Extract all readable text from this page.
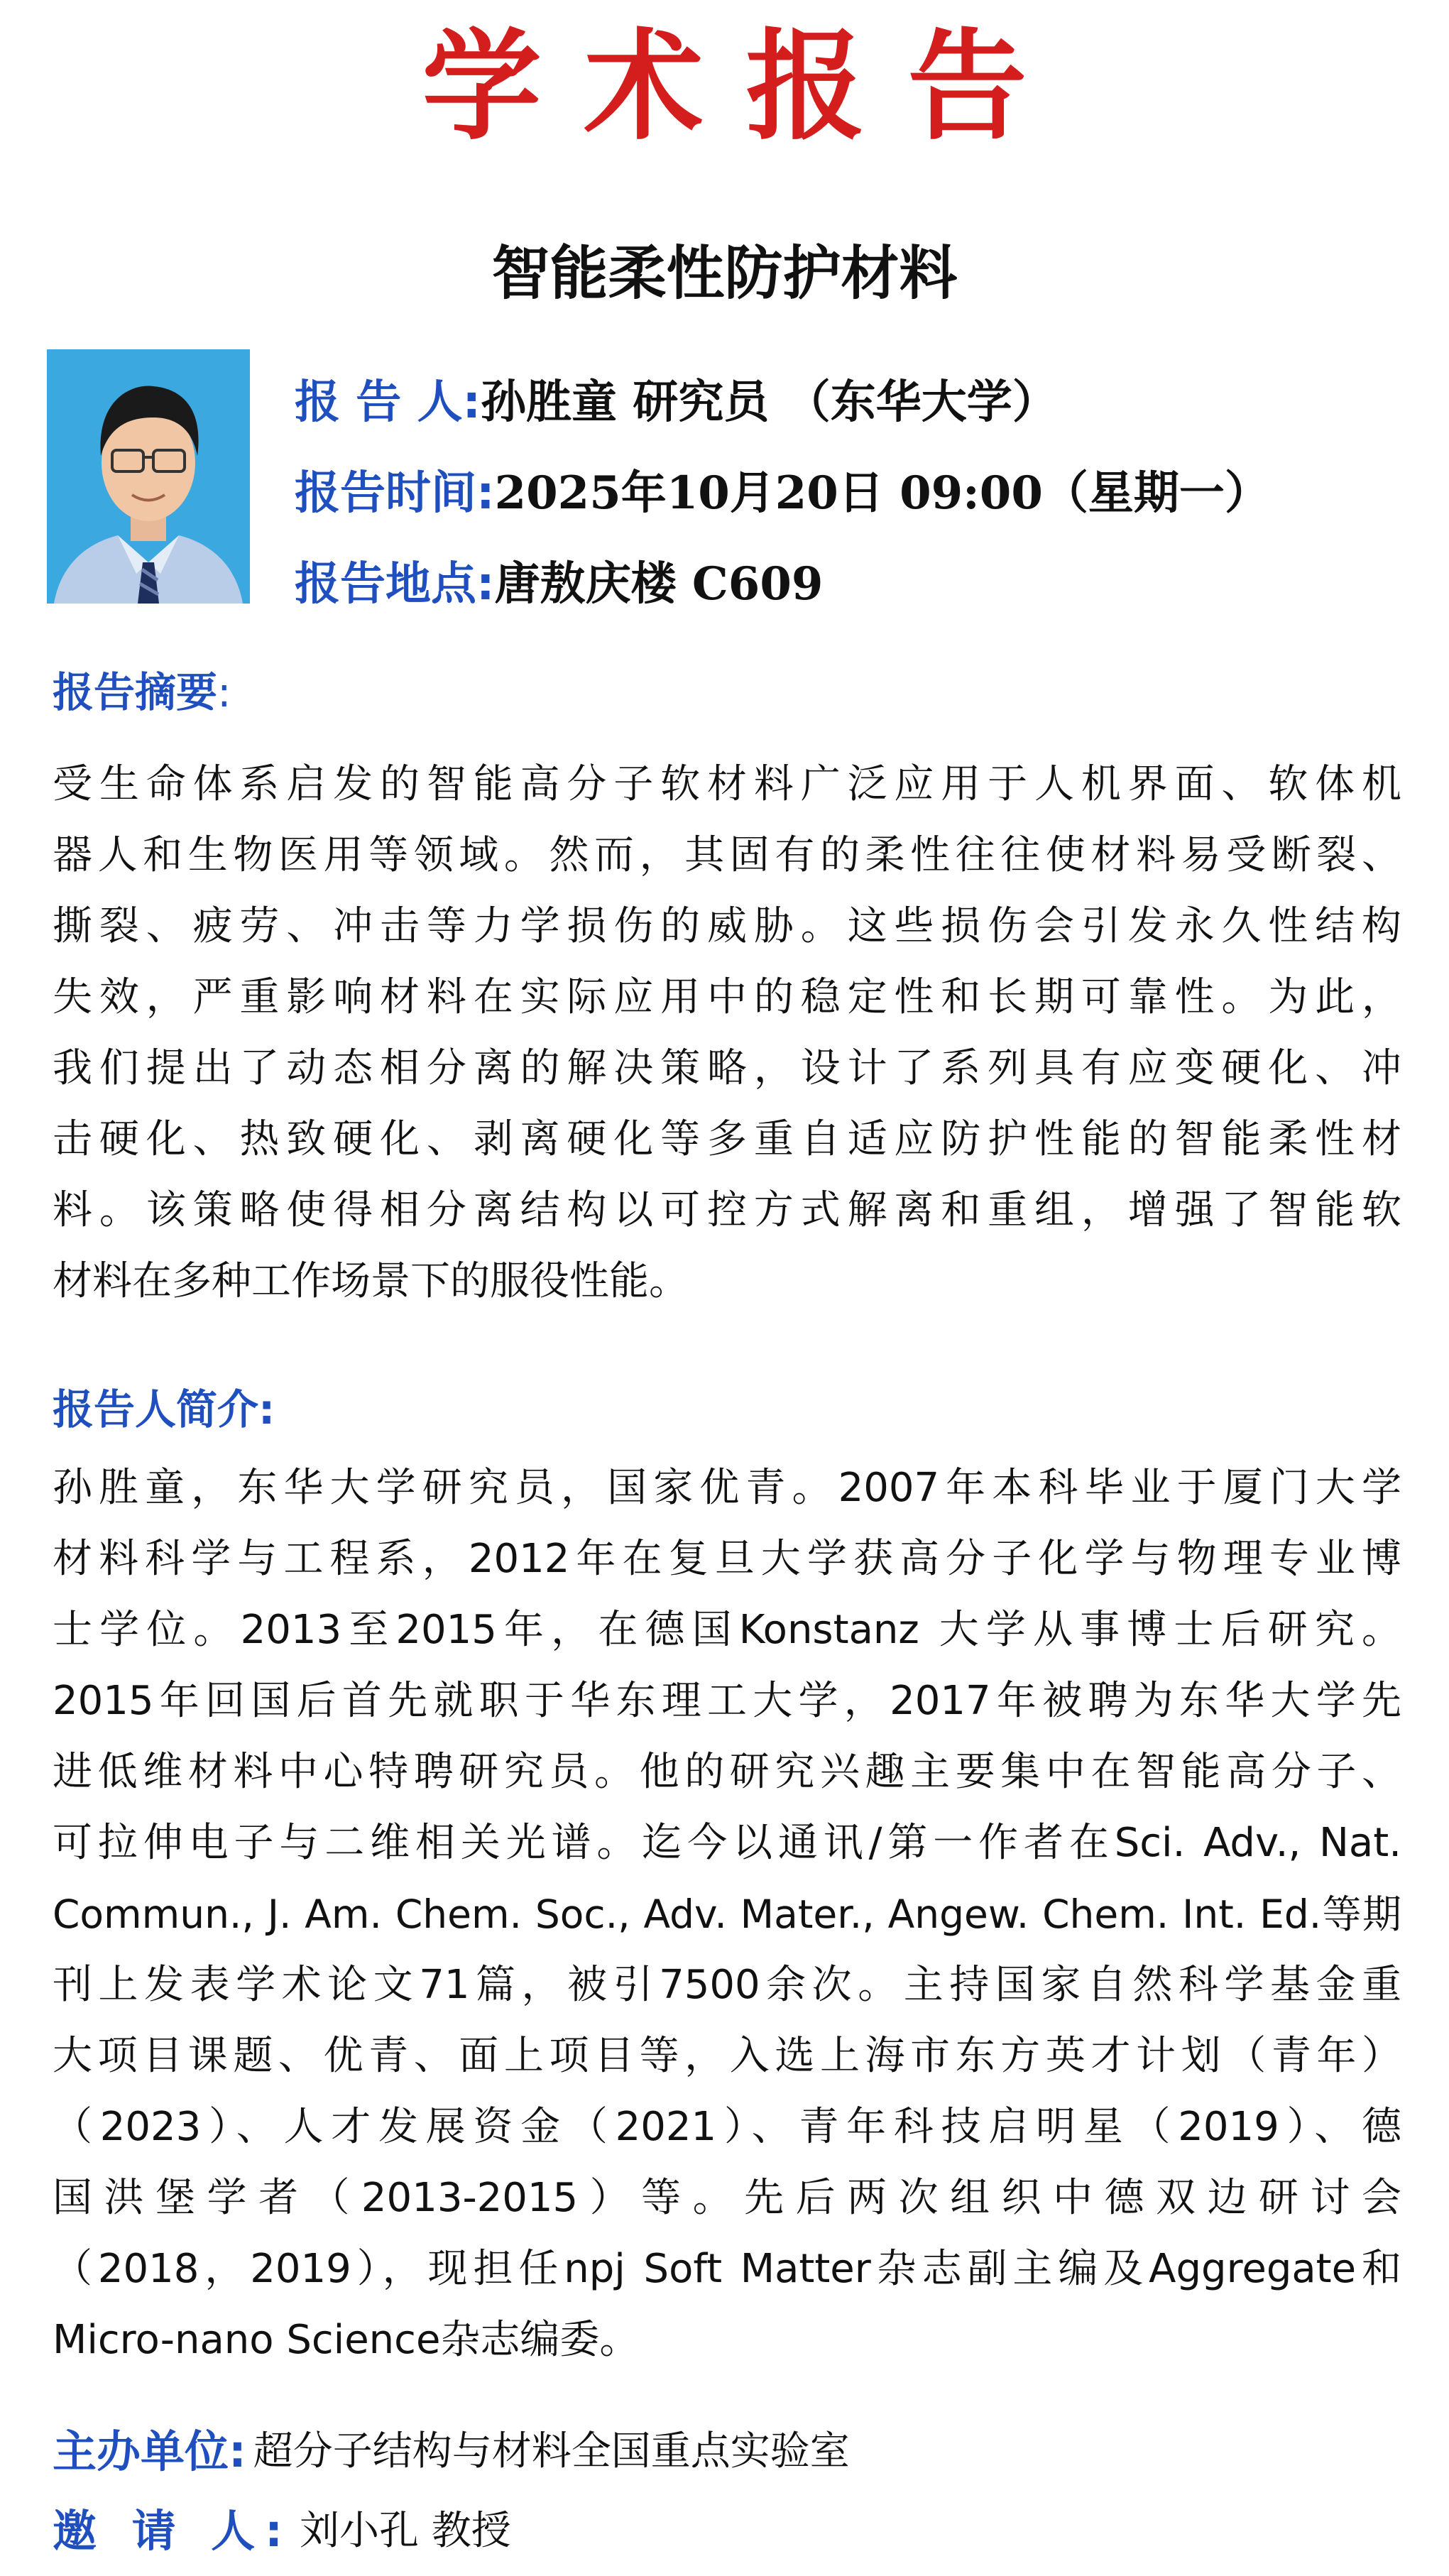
学术报告
智能柔性防护材料
报 告 人:孙胜童 研究员 （东华大学）
报告时间:2025年10月20日 09:00（星期一）
报告地点:唐敖庆楼 C609
报告摘要:
受生命体系启发的智能高分子软材料广泛应用于人机界面、软体机
器人和生物医用等领域。然而，其固有的柔性往往使材料易受断裂、
撕裂、疲劳、冲击等力学损伤的威胁。这些损伤会引发永久性结构
失效，严重影响材料在实际应用中的稳定性和长期可靠性。为此，
我们提出了动态相分离的解决策略，设计了系列具有应变硬化、冲
击硬化、热致硬化、剥离硬化等多重自适应防护性能的智能柔性材
料。该策略使得相分离结构以可控方式解离和重组，增强了智能软
材料在多种工作场景下的服役性能。
报告人简介:
孙胜童，东华大学研究员，国家优青。2007年本科毕业于厦门大学
材料科学与工程系，2012年在复旦大学获高分子化学与物理专业博
士学位。2013至2015年，在德国Konstanz 大学从事博士后研究。
2015年回国后首先就职于华东理工大学，2017年被聘为东华大学先
进低维材料中心特聘研究员。他的研究兴趣主要集中在智能高分子、
可拉伸电子与二维相关光谱。迄今以通讯/第一作者在Sci. Adv., Nat.
Commun., J. Am. Chem. Soc., Adv. Mater., Angew. Chem. Int. Ed.等期
刊上发表学术论文71篇，被引7500余次。主持国家自然科学基金重
大项目课题、优青、面上项目等，入选上海市东方英才计划（青年）
（2023）、人才发展资金（2021）、青年科技启明星（2019）、德
国洪堡学者（2013-2015）等。先后两次组织中德双边研讨会
（2018，2019），现担任npj Soft Matter杂志副主编及Aggregate和
Micro-nano Science杂志编委。
主办单位: 超分子结构与材料全国重点实验室
邀 请 人: 刘小孔 教授
